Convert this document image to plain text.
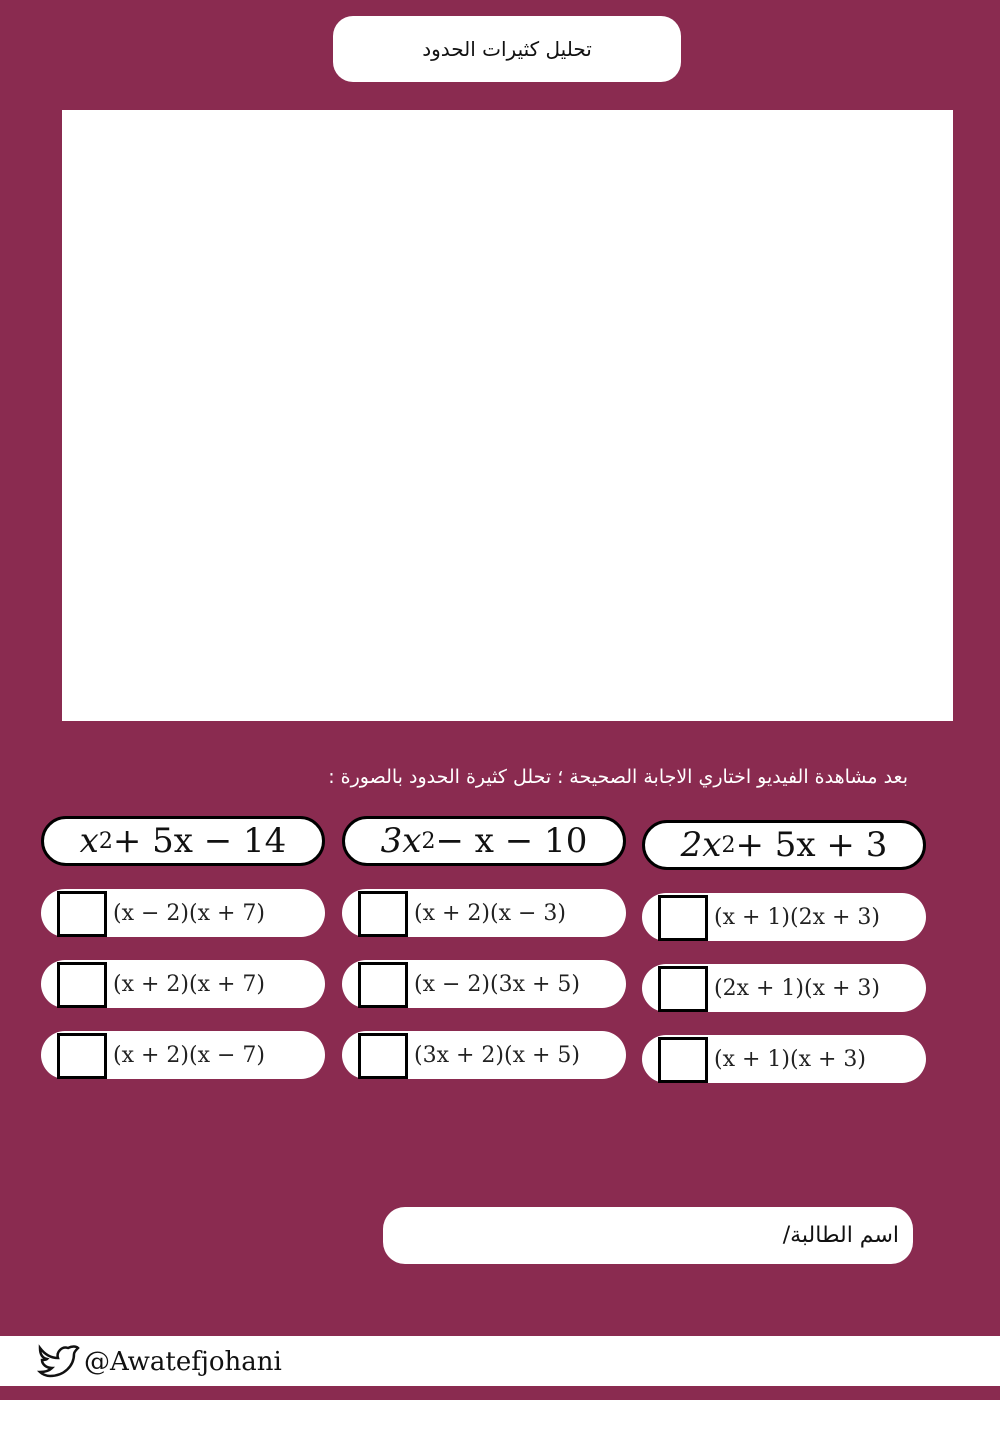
تحليل كثيرات الحدود
بعد مشاهدة الفيديو اختاري الاجابة الصحيحة ؛ تحلل كثيرة الحدود بالصورة :
x 2 + 5x − 14
(x − 2)(x + 7)
(x + 2)(x + 7)
(x + 2)(x − 7)
3x 2 − x − 10
(x + 2)(x − 3)
(x − 2)(3x + 5)
(3x + 2)(x + 5)
2x 2 + 5x + 3
(x + 1)(2x + 3)
(2x + 1)(x + 3)
(x + 1)(x + 3)
اسم الطالبة/
@Awatefjohani
